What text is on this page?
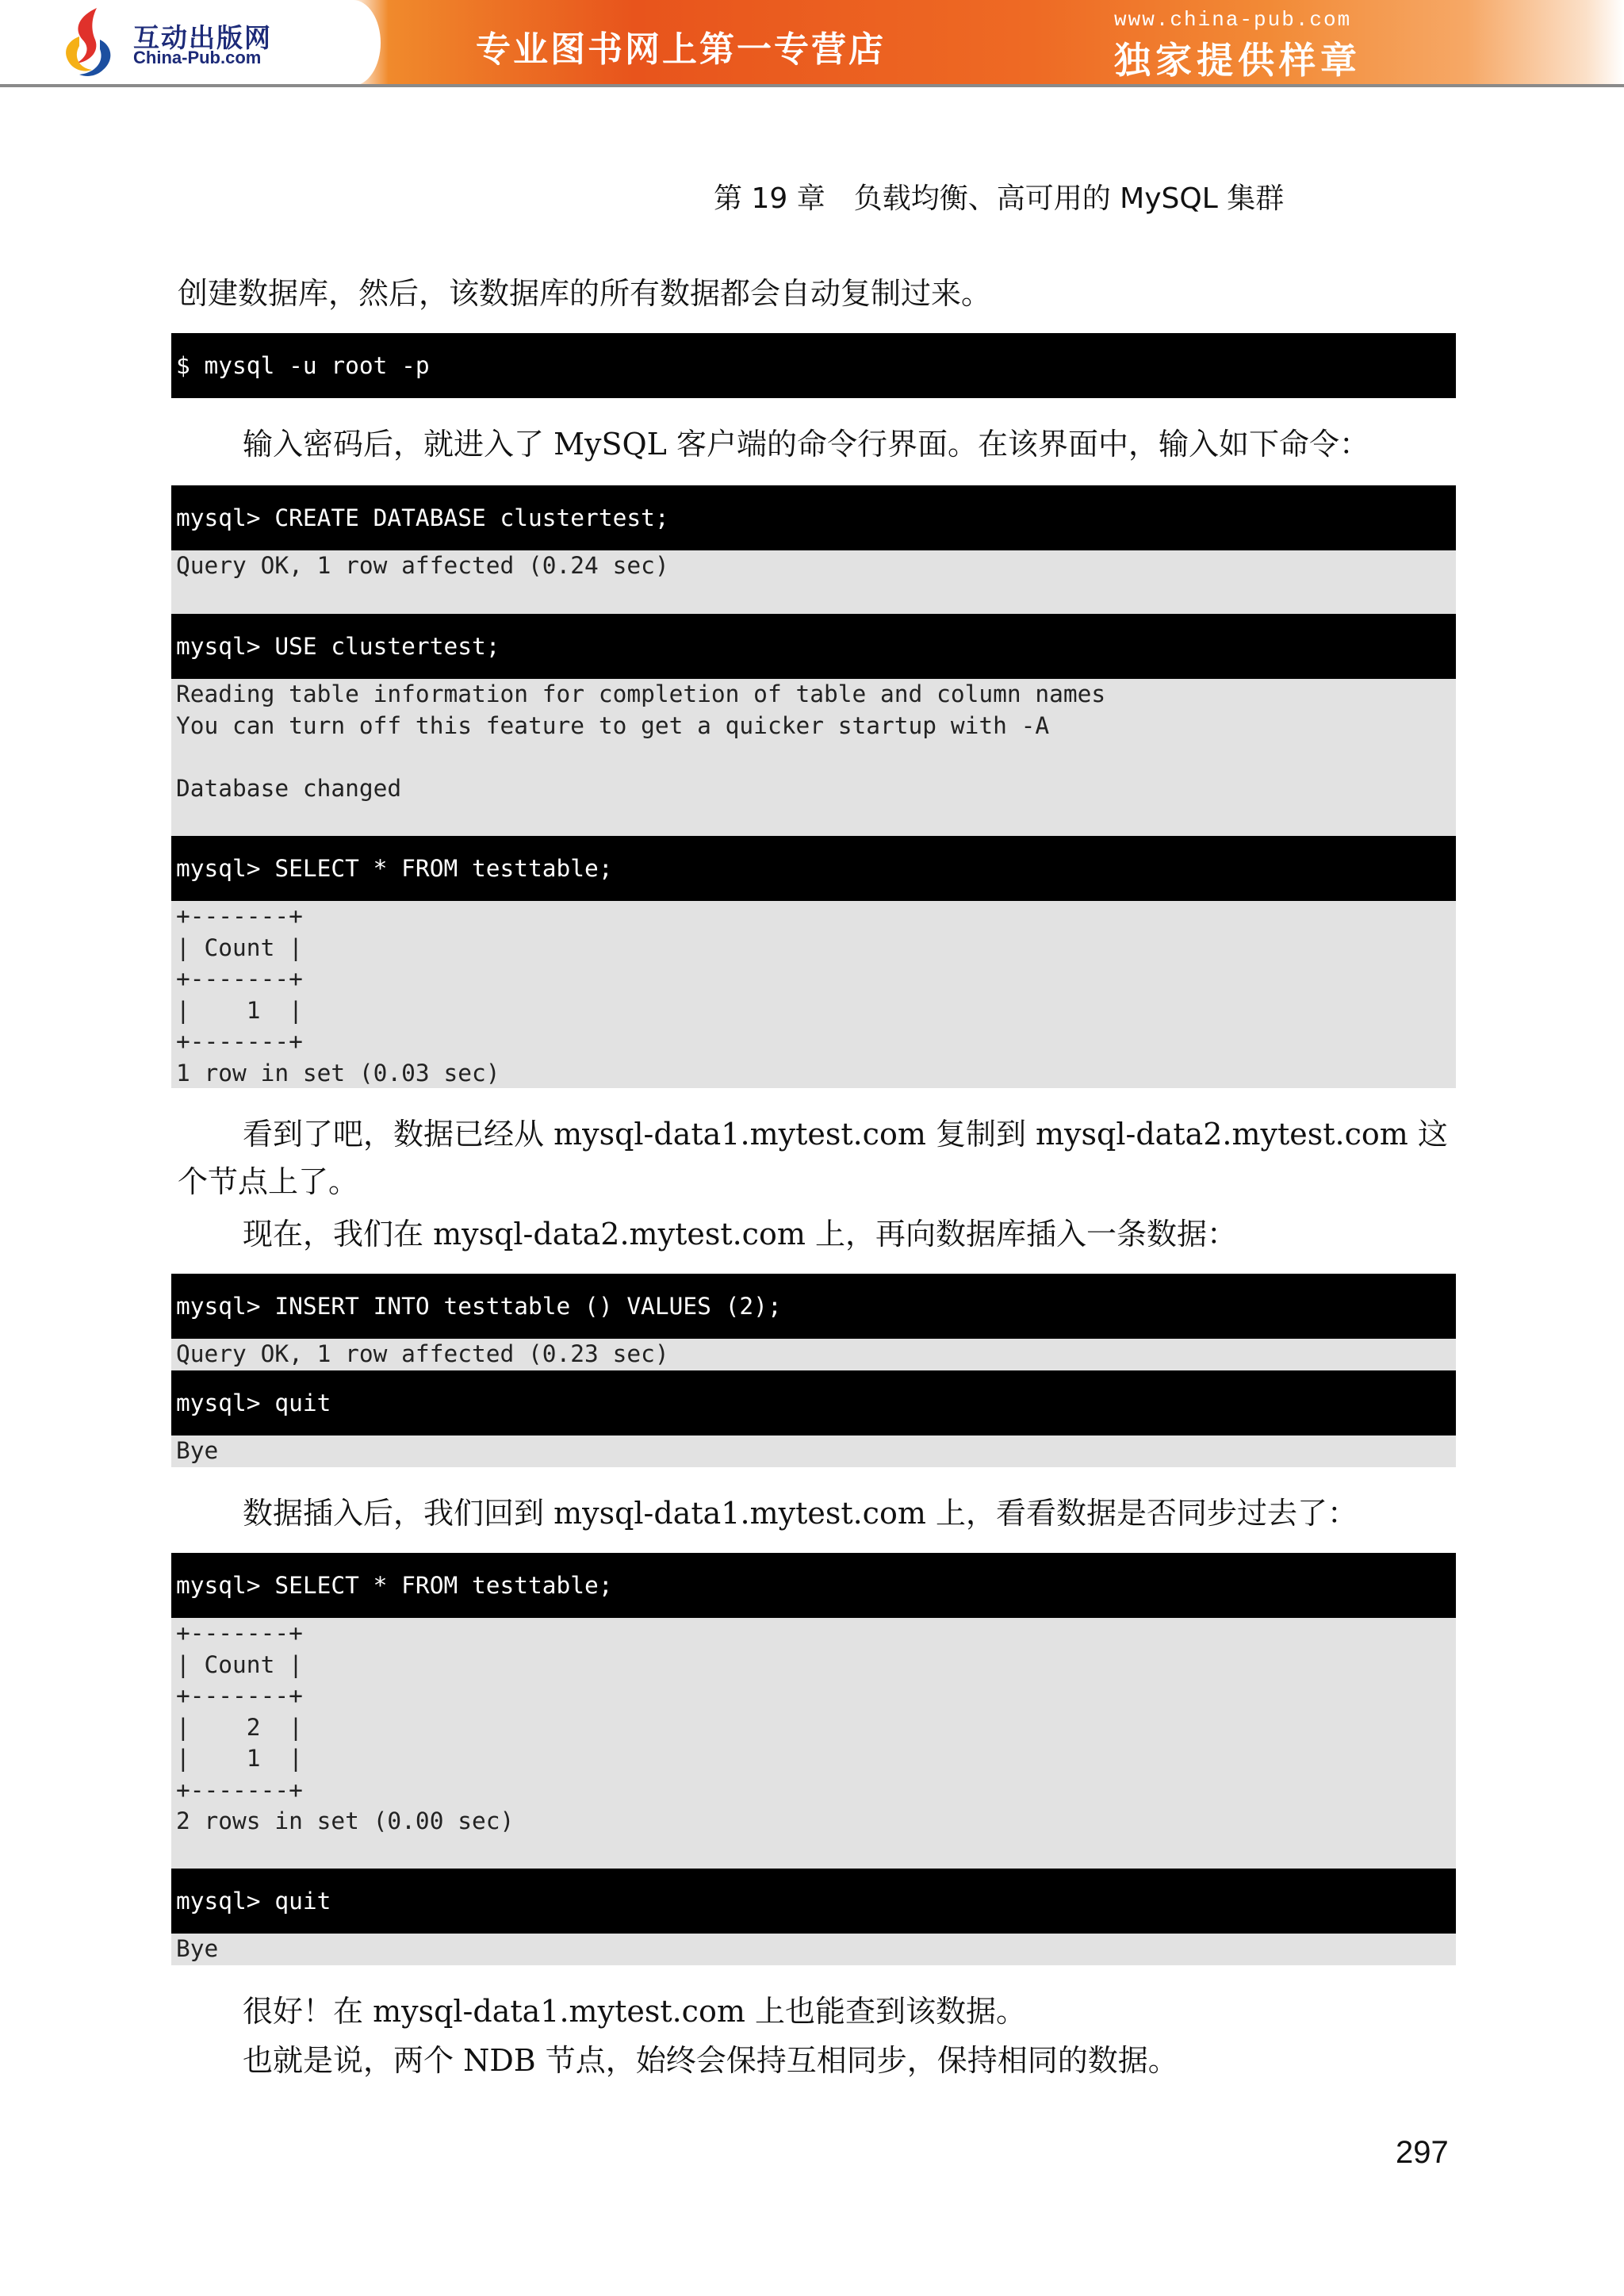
互动出版网
China-Pub.com	专业图书网上第一专营店
www.china-pub.com
独家提供样章
第 19 章　负载均衡、高可用的 MySQL 集群
创建数据库，然后，该数据库的所有数据都会自动复制过来。
$ mysql -u root -p
输入密码后，就进入了 MySQL 客户端的命令行界面。在该界面中，输入如下命令：
mysql> CREATE DATABASE clustertest;
Query OK, 1 row affected (0.24 sec)
mysql> USE clustertest;
Reading table information for completion of table and column names
You can turn off this feature to get a quicker startup with -A

Database changed
mysql> SELECT * FROM testtable;
+-------+
| Count |
+-------+
|    1  |
+-------+
1 row in set (0.03 sec)
看到了吧，数据已经从 mysql-data1.mytest.com 复制到 mysql-data2.mytest.com 这个节点上了。
现在，我们在 mysql-data2.mytest.com 上，再向数据库插入一条数据：
mysql> INSERT INTO testtable () VALUES (2);
Query OK, 1 row affected (0.23 sec)
mysql> quit
Bye
数据插入后，我们回到 mysql-data1.mytest.com 上，看看数据是否同步过去了：
mysql> SELECT * FROM testtable;
+-------+
| Count |
+-------+
|    2  |
|    1  |
+-------+
2 rows in set (0.00 sec)
mysql> quit
Bye
很好！在 mysql-data1.mytest.com 上也能查到该数据。
也就是说，两个 NDB 节点，始终会保持互相同步，保持相同的数据。
297
